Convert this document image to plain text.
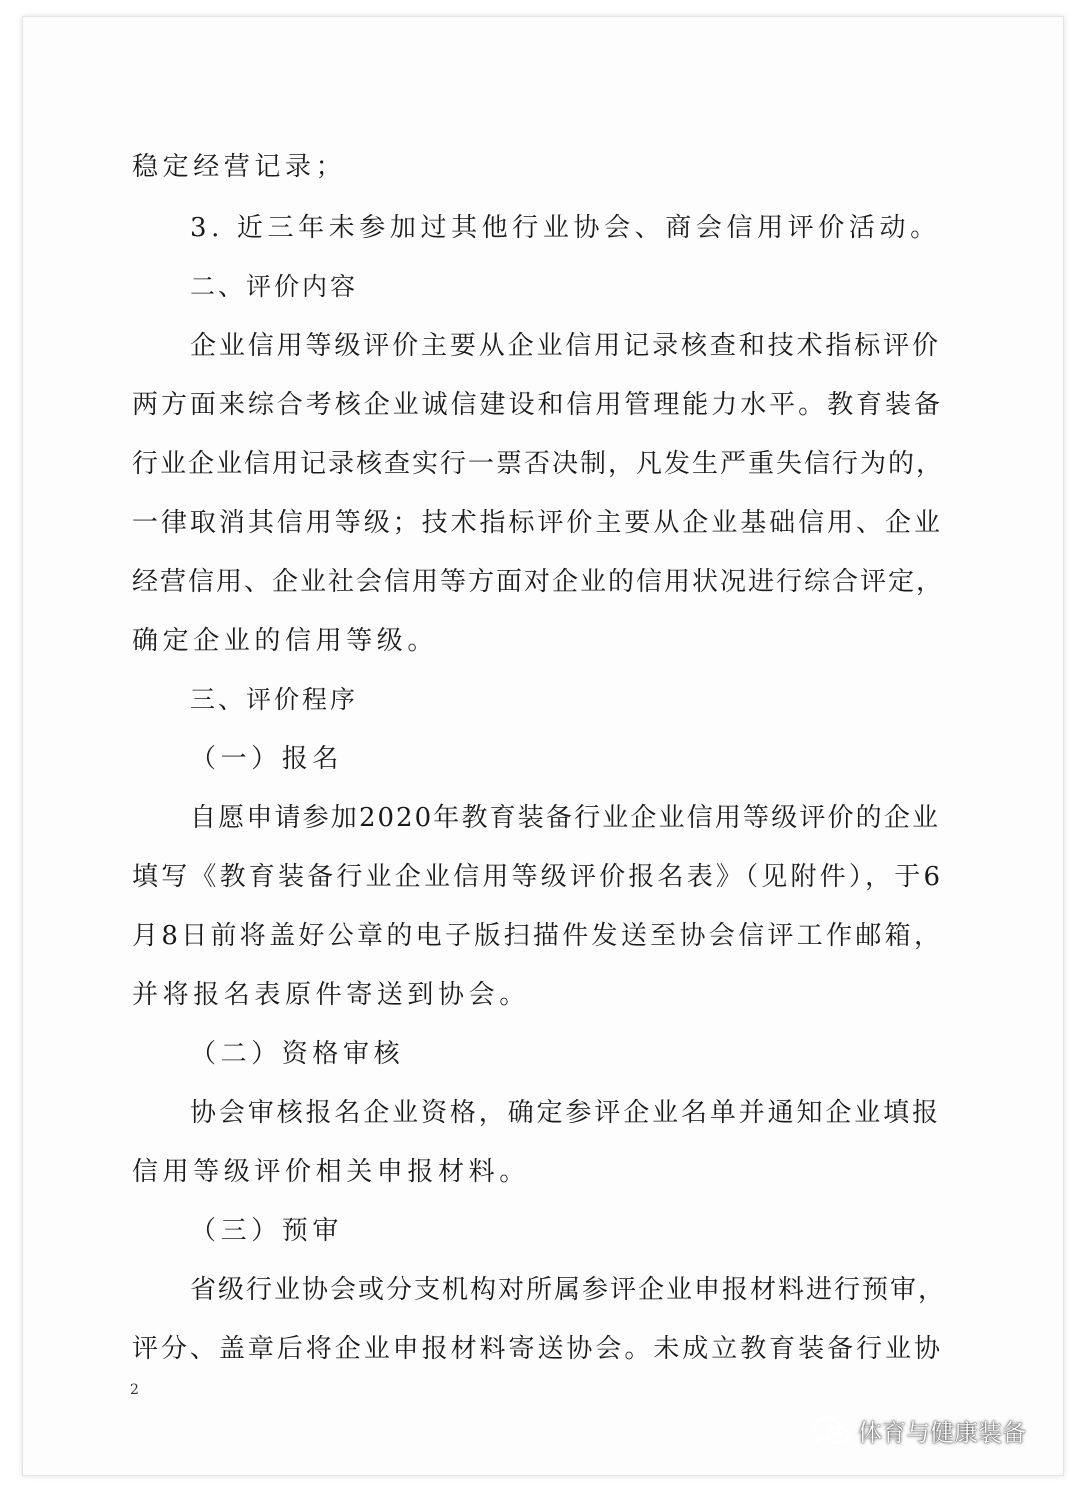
稳定经营记录；
3. 近三年未参加过其他行业协会、商会信用评价活动。
二、评价内容
企业信用等级评价主要从企业信用记录核查和技术指标评价
两方面来综合考核企业诚信建设和信用管理能力水平。教育装备
行业企业信用记录核查实行一票否决制，凡发生严重失信行为的，
一律取消其信用等级；技术指标评价主要从企业基础信用、企业
经营信用、企业社会信用等方面对企业的信用状况进行综合评定，
确定企业的信用等级。
三、评价程序
（一）报名
自愿申请参加2020年教育装备行业企业信用等级评价的企业
填写《教育装备行业企业信用等级评价报名表》（见附件），于6
月8日前将盖好公章的电子版扫描件发送至协会信评工作邮箱，
并将报名表原件寄送到协会。
（二）资格审核
协会审核报名企业资格，确定参评企业名单并通知企业填报
信用等级评价相关申报材料。
（三）预审
省级行业协会或分支机构对所属参评企业申报材料进行预审，
评分、盖章后将企业申报材料寄送协会。未成立教育装备行业协
2
体育与健康装备
